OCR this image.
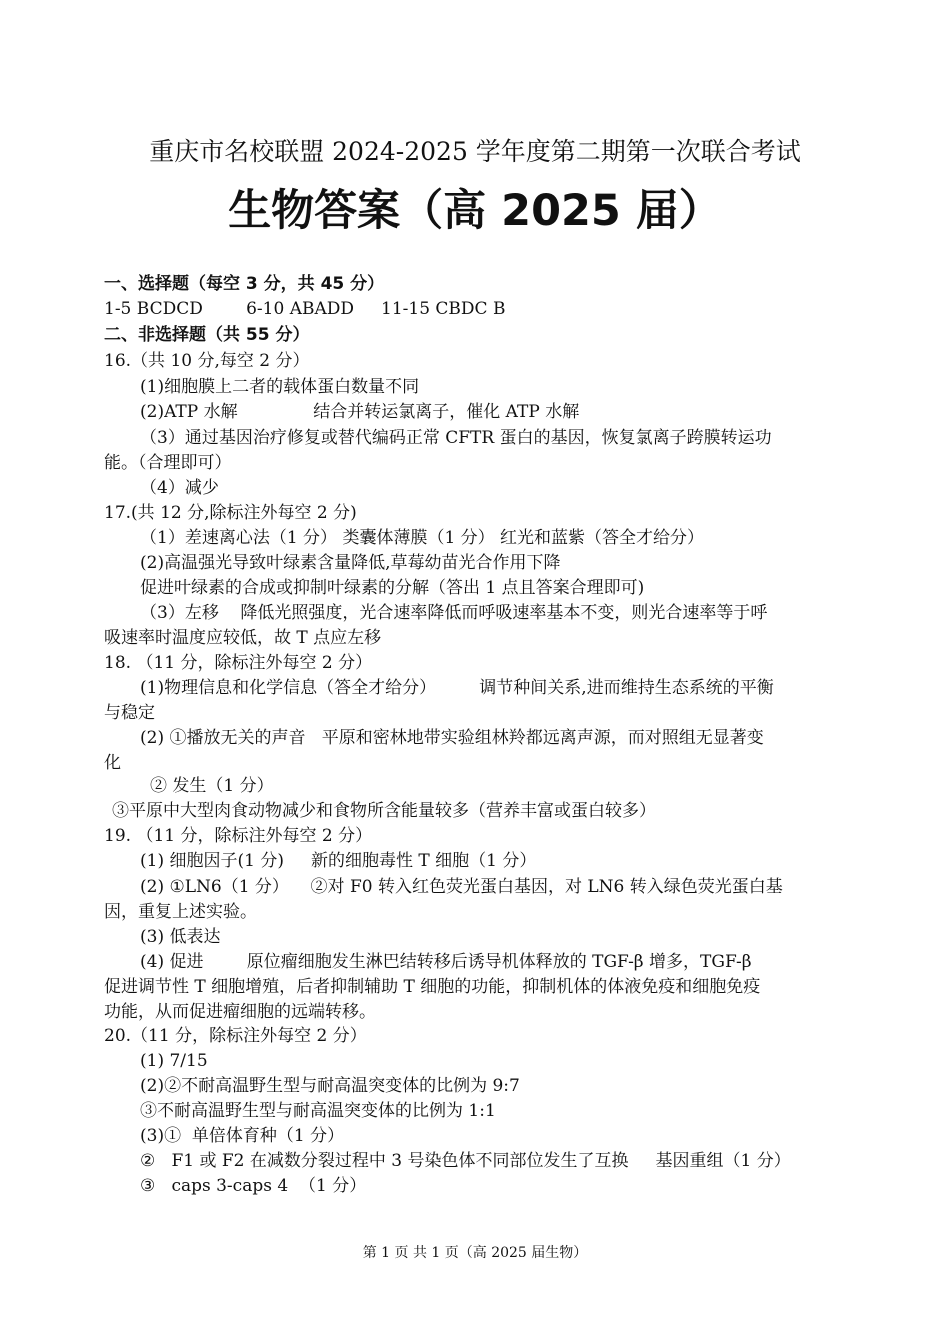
重庆市名校联盟 2024-2025 学年度第二期第一次联合考试
生物答案（高 2025 届）
一、选择题（每空 3 分，共 45 分）
1-5 BCDCD        6-10 ABADD     11-15 CBDC B
二、非选择题（共 55 分）
16.（共 10 分,每空 2 分）
(1)细胞膜上二者的载体蛋白数量不同
(2)ATP 水解              结合并转运氯离子，催化 ATP 水解
（3）通过基因治疗修复或替代编码正常 CFTR 蛋白的基因，恢复氯离子跨膜转运功
能。（合理即可）
（4）减少
17.(共 12 分,除标注外每空 2 分)
（1）差速离心法（1 分） 类囊体薄膜（1 分） 红光和蓝紫（答全才给分）
(2)高温强光导致叶绿素含量降低,草莓幼苗光合作用下降
促进叶绿素的合成或抑制叶绿素的分解（答出 1 点且答案合理即可)
（3）左移    降低光照强度，光合速率降低而呼吸速率基本不变，则光合速率等于呼
吸速率时温度应较低，故 T 点应左移
18. （11 分，除标注外每空 2 分）
(1)物理信息和化学信息（答全才给分）        调节种间关系,进而维持生态系统的平衡
与稳定
(2) ①播放无关的声音   平原和密林地带实验组林羚都远离声源，而对照组无显著变
化
② 发生（1 分）
③平原中大型肉食动物减少和食物所含能量较多（营养丰富或蛋白较多）
19. （11 分，除标注外每空 2 分）
(1) 细胞因子(1 分)     新的细胞毒性 T 细胞（1 分）
(2) ①LN6（1 分）    ②对 F0 转入红色荧光蛋白基因，对 LN6 转入绿色荧光蛋白基
因，重复上述实验。
(3) 低表达
(4) 促进        原位瘤细胞发生淋巴结转移后诱导机体释放的 TGF-β 增多，TGF-β
促进调节性 T 细胞增殖，后者抑制辅助 T 细胞的功能，抑制机体的体液免疫和细胞免疫
功能，从而促进瘤细胞的远端转移。
20.（11 分，除标注外每空 2 分）
(1) 7/15
(2)②不耐高温野生型与耐高温突变体的比例为 9:7
③不耐高温野生型与耐高温突变体的比例为 1:1
(3)①  单倍体育种（1 分）
②   F1 或 F2 在减数分裂过程中 3 号染色体不同部位发生了互换     基因重组（1 分）
③   caps 3-caps 4  （1 分）
第 1 页 共 1 页（高 2025 届生物）
